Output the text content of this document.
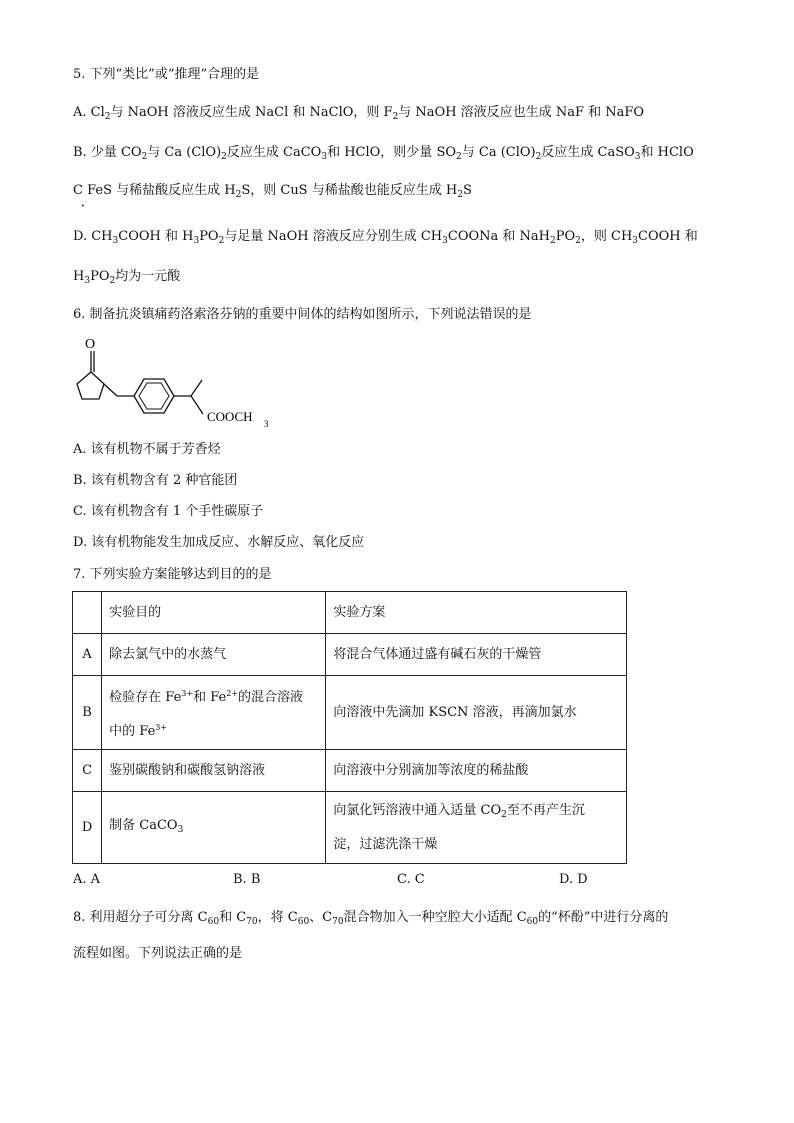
5. 下列“类比”或“推理”合理的是
A. $Cl_2$与 NaOH 溶液反应生成 NaCl 和 NaClO，则 $F_2$与 NaOH 溶液反应也生成 NaF 和 NaFO
B. 少量 $CO_2$与 Ca $(ClO)_2$反应生成 CaCO$_3$和 HClO，则少量 $SO_2$与 Ca $(ClO)_2$反应生成 CaSO$_3$和 HClO
C FeS 与稀盐酸反应生成 $H_2S$，则 CuS 与稀盐酸也能反应生成 $H_2S$
•
D. $CH_3COOH$ 和 $H_3PO_2$与足量 NaOH 溶液反应分别生成 $CH_3COONa$ 和 $NaH_2PO_2$，则 $CH_3COOH$ 和
$H_3PO_2$均为一元酸
6. 制备抗炎镇痛药洛索洛芬钠的重要中间体的结构如图所示，下列说法错误的是
O
COOCH 3
A. 该有机物不属于芳香烃
B. 该有机物含有 2 种官能团
C. 该有机物含有 1 个手性碳原子
D. 该有机物能发生加成反应、水解反应、氧化反应
7. 下列实验方案能够达到目的的是
	实验目的	实验方案
A	除去氯气中的水蒸气	将混合气体通过盛有碱石灰的干燥管
B	检验存在 $Fe^{3+}$和 $Fe^{2+}$的混合溶液
中的 $Fe^{3+}$	向溶液中先滴加 KSCN 溶液，再滴加氯水
C	鉴别碳酸钠和碳酸氢钠溶液	向溶液中分别滴加等浓度的稀盐酸
D	制备 CaCO$_3$	向氯化钙溶液中通入适量 $CO_2$至不再产生沉
淀，过滤洗涤干燥
A. A	B. B	C. C	D. D
8. 利用超分子可分离 $C_{60}$和 $C_{70}$，将 $C_{60}$、$C_{70}$混合物加入一种空腔大小适配 $C_{60}$的“杯酚”中进行分离的
流程如图。下列说法正确的是
